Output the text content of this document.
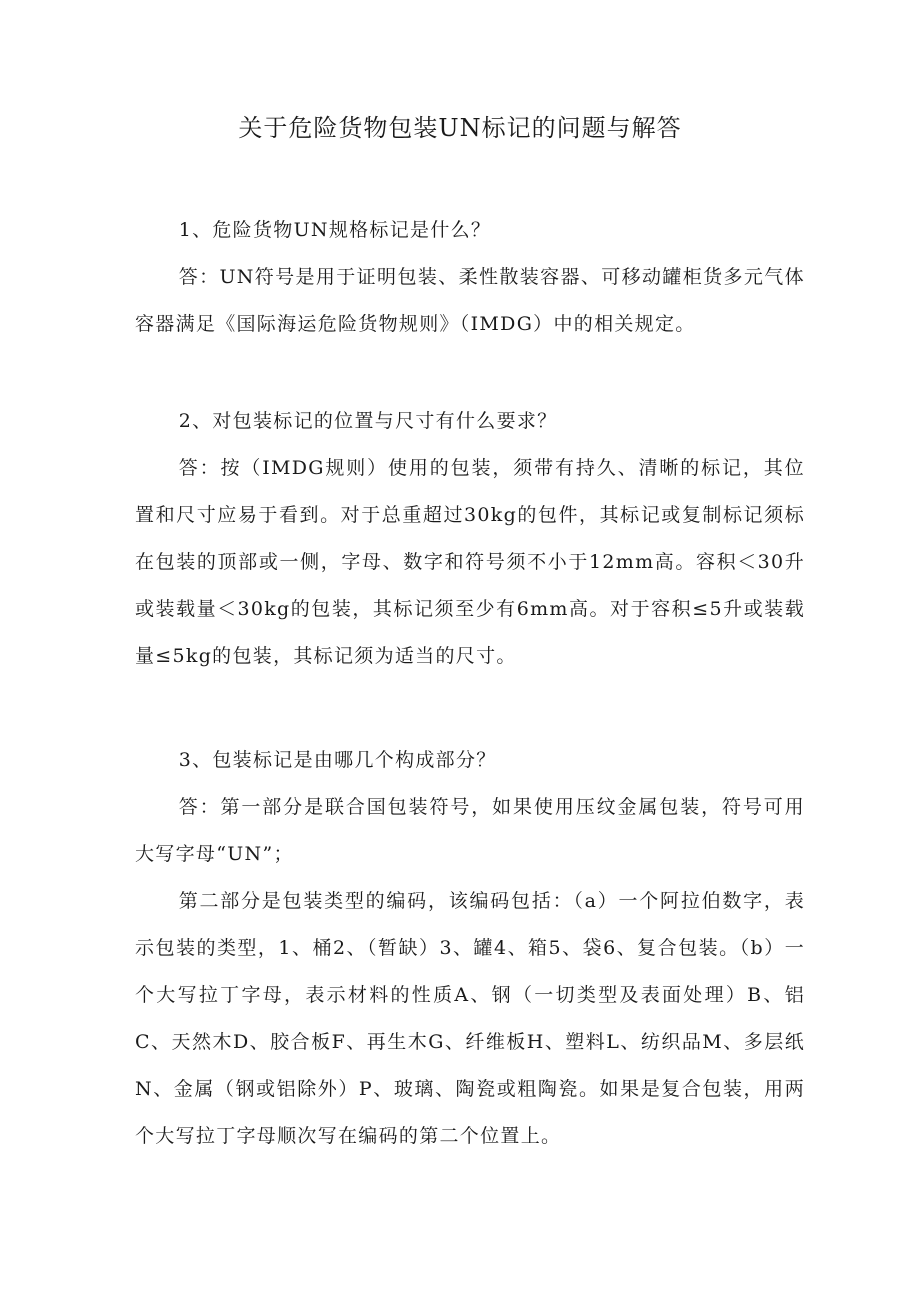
关于危险货物包装UN标记的问题与解答

1、危险货物UN规格标记是什么？

答：UN符号是用于证明包装、柔性散装容器、可移动罐柜货多元气体容器满足《国际海运危险货物规则》（IMDG）中的相关规定。

2、对包装标记的位置与尺寸有什么要求？

答：按（IMDG规则）使用的包装，须带有持久、清晰的标记，其位置和尺寸应易于看到。对于总重超过30kg的包件，其标记或复制标记须标在包装的顶部或一侧，字母、数字和符号须不小于12mm高。容积＜30升或装载量＜30kg的包装，其标记须至少有6mm高。对于容积≤5升或装载量≤5kg的包装，其标记须为适当的尺寸。

3、包装标记是由哪几个构成部分？

答：第一部分是联合国包装符号，如果使用压纹金属包装，符号可用大写字母“UN”；

第二部分是包装类型的编码，该编码包括：（a）一个阿拉伯数字，表示包装的类型，1、桶2、（暂缺）3、罐4、箱5、袋6、复合包装。（b）一个大写拉丁字母，表示材料的性质A、钢（一切类型及表面处理）B、铝C、天然木D、胶合板F、再生木G、纤维板H、塑料L、纺织品M、多层纸N、金属（钢或铝除外）P、玻璃、陶瓷或粗陶瓷。如果是复合包装，用两个大写拉丁字母顺次写在编码的第二个位置上。
